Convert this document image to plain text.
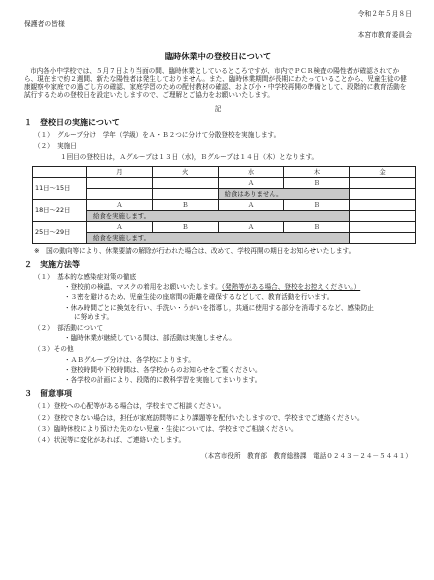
令和２年５月８日
保護者の皆様
本宮市教育委員会
臨時休業中の登校日について

市内各小中学校では、５月７日より当面の間、臨時休業としているところですが、市内でＰＣＲ検査の陽性者が確認されてから、現在まで約２週間、新たな陽性者は発生しておりません。また、臨時休業期間が長期にわたっていることから、児童生徒の健康観察や家庭での過ごし方の確認、家庭学習のための配付教材の確認、および小・中学校再開の準備として、段階的に教育活動を試行するための登校日を設定いたしますので、ご理解とご協力をお願いいたします。

記
１　登校日の実施について
（１）　グループ分け　学年（学級）をＡ・Ｂ２つに分けて分散登校を実施します。
（２）　実施日
１回目の登校日は，Ａグループは１３日（水)，Ｂグループは１４日（木）となります。
	月	火	水	木	金
11日～15日			Ａ	Ｂ	
			給食はありません。		
18日～22日	Ａ	Ｂ	Ａ	Ｂ	
	給食を実施します。				
25日～29日	Ａ	Ｂ	Ａ	Ｂ	
	給食を実施します。				
※　国の動向等により、休業要請の解除が行われた場合は、改めて、学校再開の期日をお知らせいたします。
２　実施方法等
（１）　基本的な感染症対策の徹底
・登校前の検温、マスクの着用をお願いいたします。（発熱等がある場合、登校をお控えください。）
・３密を避けるため、児童生徒の座席間の距離を確保するなどして、教育活動を行います。
・休み時間ごとに換気を行い、手洗い・うがいを指導し，共通に使用する部分を消毒するなど、感染防止
に努めます。
（２）　部活動について
・臨時休業が継続している間は、部活動は実施しません。
（３）その他
・ＡＢグループ分けは、各学校によります。
・登校時間や下校時間は、各学校からのお知らせをご覧ください。
・各学校の計画により、段階的に教科学習を実施してまいります。
３　留意事項
（１）登校への心配等がある場合は，学校までご相談ください。
（２）登校できない場合は，担任が家庭訪問等により課題等を配付いたしますので、学校までご連絡ください。
（３）臨時休校により預けた先のない児童・生徒については、学校までご相談ください。
（４）状況等に変化があれば、ご連絡いたします。
（本宮市役所　教育部　教育総務課　電話０２４３－２４－５４４１）
